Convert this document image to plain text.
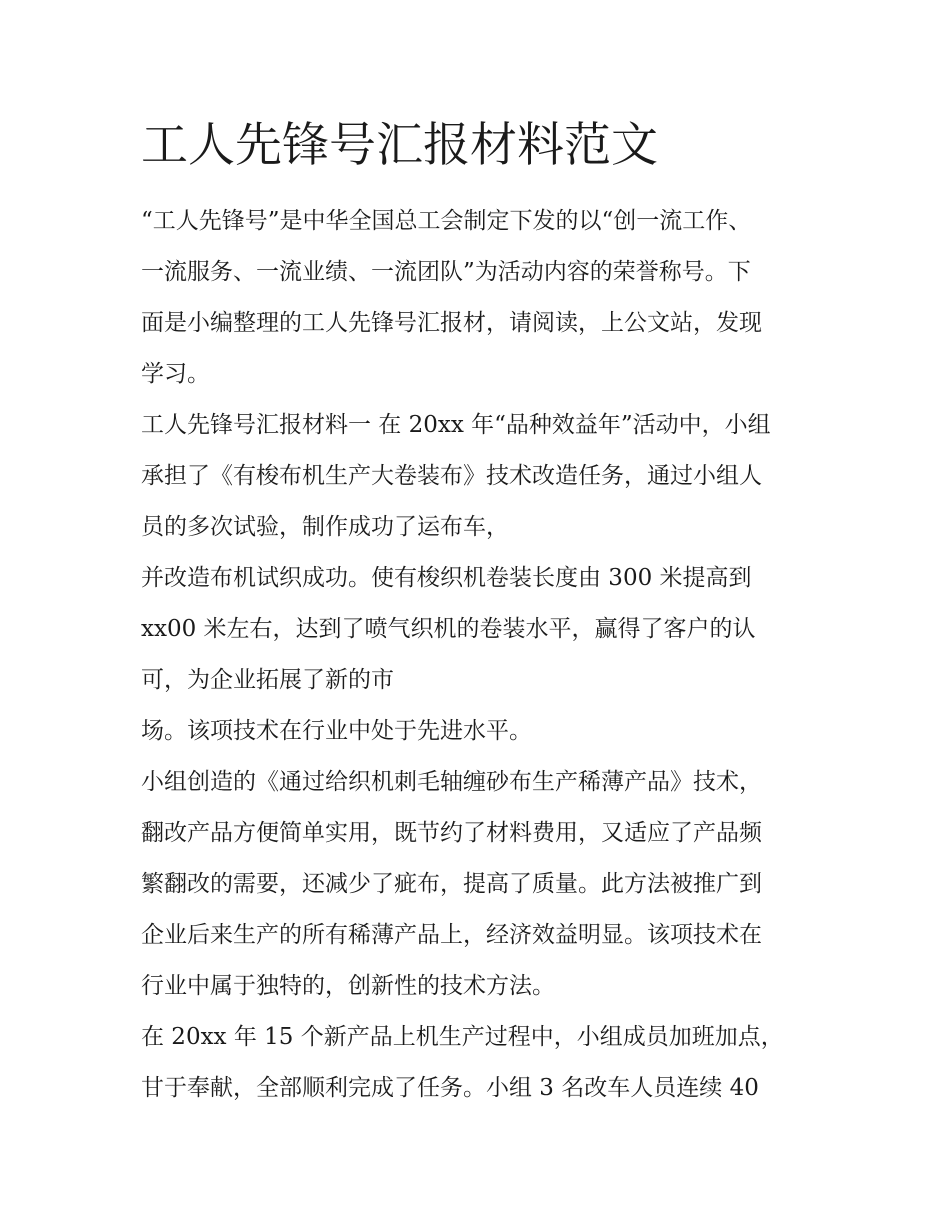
工人先锋号汇报材料范文
“工人先锋号”是中华全国总工会制定下发的以“创一流工作、
一流服务、一流业绩、一流团队”为活动内容的荣誉称号。下
面是小编整理的工人先锋号汇报材，请阅读，上公文站，发现
学习。
工人先锋号汇报材料一 在 20xx 年“品种效益年”活动中，小组
承担了《有梭布机生产大卷装布》技术改造任务，通过小组人
员的多次试验，制作成功了运布车，
并改造布机试织成功。使有梭织机卷装长度由 300 米提高到
xx00 米左右，达到了喷气织机的卷装水平，赢得了客户的认
可，为企业拓展了新的市
场。该项技术在行业中处于先进水平。
小组创造的《通过给织机刺毛轴缠砂布生产稀薄产品》技术，
翻改产品方便简单实用，既节约了材料费用，又适应了产品频
繁翻改的需要，还减少了疵布，提高了质量。此方法被推广到
企业后来生产的所有稀薄产品上，经济效益明显。该项技术在
行业中属于独特的，创新性的技术方法。
在 20xx 年 15 个新产品上机生产过程中，小组成员加班加点，
甘于奉献，全部顺利完成了任务。小组 3 名改车人员连续 40
